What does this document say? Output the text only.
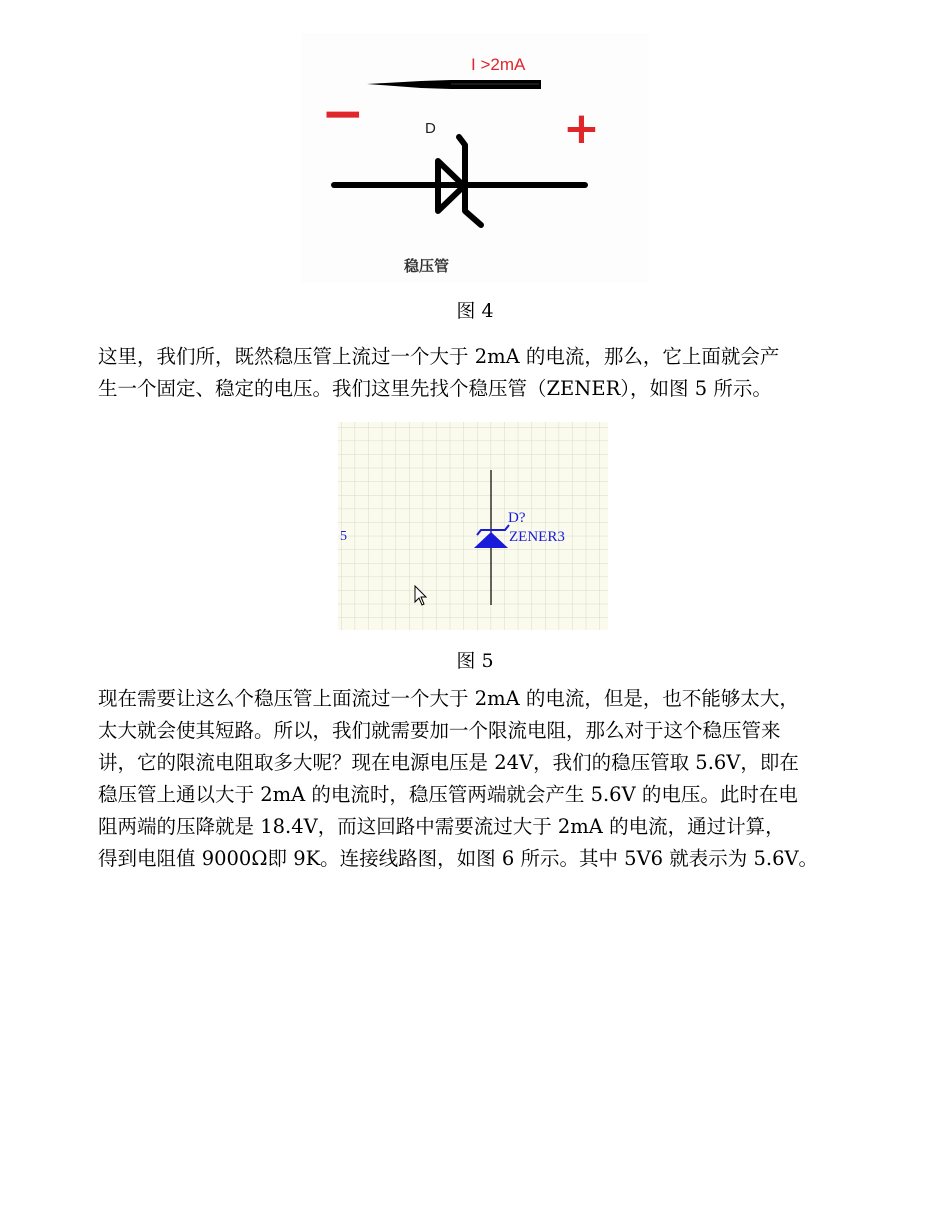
I >2mA
−	+
D
稳压管
图 4
这里，我们所，既然稳压管上流过一个大于 2mA 的电流，那么，它上面就会产
生一个固定、稳定的电压。我们这里先找个稳压管（ZENER），如图 5 所示。
D?
ZENER3
5
图 5
现在需要让这么个稳压管上面流过一个大于 2mA 的电流，但是，也不能够太大，
太大就会使其短路。所以，我们就需要加一个限流电阻，那么对于这个稳压管来
讲，它的限流电阻取多大呢？现在电源电压是 24V，我们的稳压管取 5.6V，即在
稳压管上通以大于 2mA 的电流时，稳压管两端就会产生 5.6V 的电压。此时在电
阻两端的压降就是 18.4V，而这回路中需要流过大于 2mA 的电流，通过计算，
得到电阻值 9000Ω即 9K。连接线路图，如图 6 所示。其中 5V6 就表示为 5.6V。
